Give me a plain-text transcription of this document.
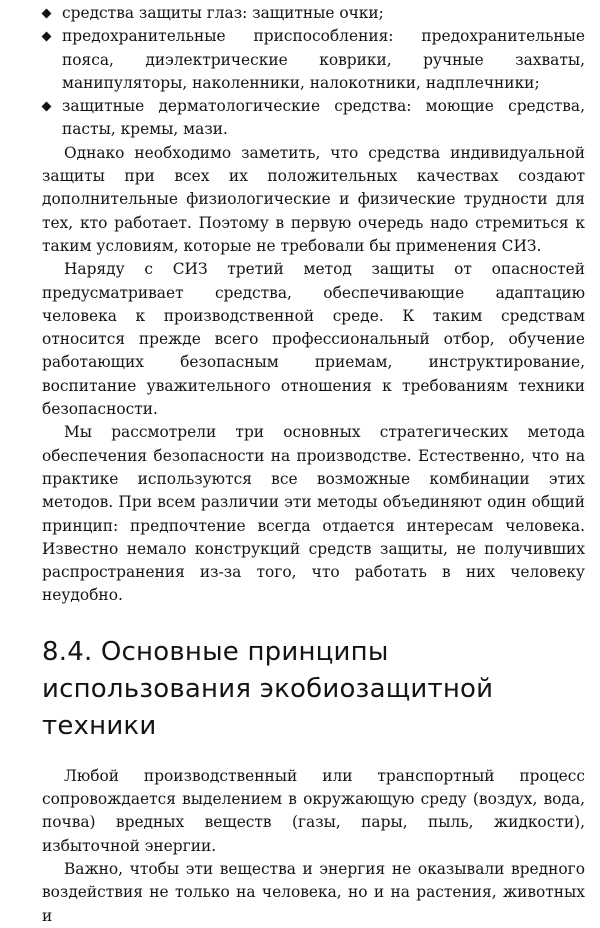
средства защиты глаз: защитные очки;
предохранительные приспособления: предохранительные пояса, диэлектрические коврики, ручные захваты, манипуляторы, наколенники, налокотники, надплечники;
защитные дерматологические средства: моющие средства, пасты, кремы, мази.

Однако необходимо заметить, что средства индивидуальной защиты при всех их положительных качествах создают дополнительные физиологические и физические трудности для тех, кто работает. Поэтому в первую очередь надо стремиться к таким условиям, которые не требовали бы применения СИЗ.

Наряду с СИЗ третий метод защиты от опасностей предусматривает средства, обеспечивающие адаптацию человека к производственной среде. К таким средствам относится прежде всего профессиональный отбор, обучение работающих безопасным приемам, инструктирование, воспитание уважительного отношения к требованиям техники безопасности.

Мы рассмотрели три основных стратегических метода обеспечения безопасности на производстве. Естественно, что на практике используются все возможные комбинации этих методов. При всем различии эти методы объединяют один общий принцип: предпочтение всегда отдается интересам человека. Известно немало конструкций средств защиты, не получивших распространения из-за того, что работать в них человеку неудобно.

8.4. Основные принципы использования экобиозащитной техники

Любой производственный или транспортный процесс сопровождается выделением в окружающую среду (воздух, вода, почва) вредных веществ (газы, пары, пыль, жидкости), избыточной энергии.

Важно, чтобы эти вещества и энергия не оказывали вредного воздействия не только на человека, но и на растения, животных и
